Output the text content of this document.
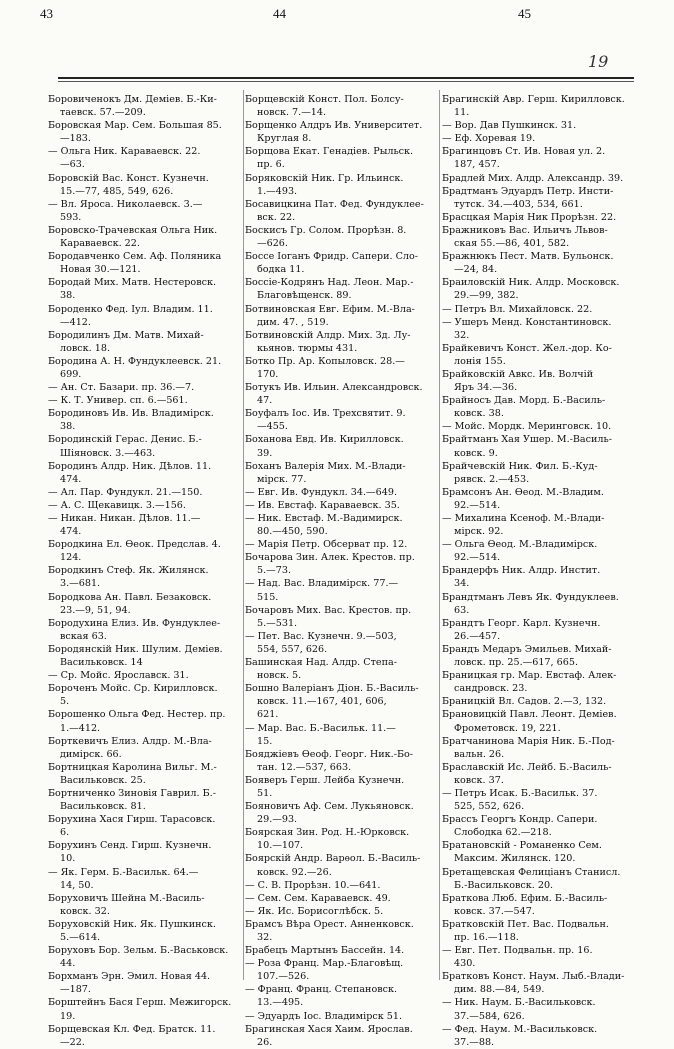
43	44	45
19
Боровиченокъ Дм. Деміев. Б.-Ки-
таевск. 57.—209.
Боровская Мар. Сем. Большая 85.
—183.
— Ольга Ник. Караваевск. 22.
—63.
Боровскій Вас. Конст. Кузнечн.
15.—77, 485, 549, 626.
— Вл. Яроса. Николаевск. 3.—
593.
Боровско-Трачевская Ольга Ник.
Караваевск. 22.
Бородавченко Сем. Аф. Поляника
Новая 30.—121.
Бородай Мих. Матв. Нестеровск.
38.
Бороденко Фед. Іул. Владим. 11.
—412.
Бородилинъ Дм. Матв. Михай-
ловск. 18.
Бородина А. Н. Фундуклеевск. 21.
699.
— Ан. Ст. Базари. пр. 36.—7.
— К. Т. Универ. сп. 6.—561.
Бородиновъ Ив. Ив. Владимірск.
38.
Бородинскій Герас. Денис. Б.-
Шіяновск. 3.—463.
Бородинъ Алдр. Ник. Дѣлов. 11.
474.
— Ал. Пар. Фундукл. 21.—150.
— А. С. Щекавицк. 3.—156.
— Никан. Никан. Дѣлов. 11.—
474.
Бородкина Ел. Ѳеок. Предслав. 4.
124.
Бородкинъ Стеф. Як. Жилянск.
3.—681.
Бородкова Ан. Павл. Безаковск.
23.—9, 51, 94.
Бородухина Елиз. Ив. Фундуклее-
вская 63.
Бородянскій Ник. Шулим. Деміев.
Васильковск. 14
— Ср. Мойс. Ярославск. 31.
Бороченъ Мойс. Ср. Кирилловск.
5.
Борошенко Ольга Фед. Нестер. пр.
1.—412.
Борткевичъ Елиз. Алдр. М.-Вла-
димірск. 66.
Бортницкая Каролина Вильг. М.-
Васильковск. 25.
Бортниченко Зиновія Гаврил. Б.-
Васильковск. 81.
Боруxина Хася Гирш. Тарасовск.
6.
Боруxинъ Сенд. Гирш. Кузнечн.
10.
— Як. Герм. Б.-Васильк. 64.—
14, 50.
Боруховичъ Шейна М.-Василь-
ковск. 32.
Боруховскій Ник. Як. Пушкинск.
5.—614.
Боруховъ Бор. Зельм. Б.-Васьковск.
44.
Борхманъ Эрн. Эмил. Новая 44.
—187.
Борштейнъ Бася Герш. Межигорск.
19.
Борщевская Кл. Фед. Братск. 11.
—22.
Борщевскій Конст. Пол. Болсу-
новск. 7.—14.
Борщенко Алдръ Ив. Университет.
Круглая 8.
Борщова Екат. Генадіев. Рыльск.
пр. 6.
Боряковскій Ник. Гр. Ильинск.
1.—493.
Босавицкина Пат. Фед. Фундуклее-
вск. 22.
Боскисъ Гр. Солом. Прорѣзн. 8.
—626.
Боссе Іоганъ Фридр. Сапери. Сло-
бодка 11.
Боссіе-Кодрянъ Над. Леон. Мар.-
Благовѣщенск. 89.
Ботвиновская Евг. Ефим. М.-Вла-
дим. 47. , 519.
Ботвиновскій Алдр. Мих. Зд. Лу-
кьянов. тюрмы 431.
Ботко Пр. Ар. Копыловск. 28.—
170.
Ботукъ Ив. Ильин. Александровск.
47.
Боуфалъ Іос. Ив. Трехсвятит. 9.
—455.
Боханова Евд. Ив. Кирилловск.
39.
Боханъ Валерія Мих. М.-Влади-
мірск. 77.
— Евг. Ив. Фундукл. 34.—649.
— Ив. Евстаф. Караваевск. 35.
— Ник. Евстаф. М.-Вадимирск.
80.—450, 590.
— Марія Петр. Обсерват пр. 12.
Бочарова Зин. Алек. Крестов. пр.
5.—73.
— Над. Вас. Владимірск. 77.—
515.
Бочаровъ Мих. Вас. Крестов. пр.
5.—531.
— Пет. Вас. Кузнечн. 9.—503,
554, 557, 626.
Башинская Над. Алдр. Степа-
новск. 5.
Бошно Валеріанъ Діон. Б.-Василь-
ковск. 11.—167, 401, 606,
621.
— Мар. Вас. Б.-Васильк. 11.—
15.
Бояджіевъ Ѳеоф. Георг. Ник.-Бо-
тан. 12.—537, 663.
Бояверъ Герш. Лейба Кузнечн.
51.
Бояновичъ Аф. Сем. Лукьяновск.
29.—93.
Боярская Зин. Род. Н.-Юрковск.
10.—107.
Боярскій Андр. Варѳол. Б.-Василь-
ковск. 92.—26.
— С. В. Прорѣзн. 10.—641.
— Сем. Сем. Караваевск. 49.
— Як. Ис. Борисоглѣбск. 5.
Брамсъ Вѣра Орест. Анненковск.
32.
Брабецъ Мартынъ Бассейн. 14.
— Роза Франц. Мар.-Благовѣщ.
107.—526.
— Франц. Франц. Степановск.
13.—495.
— Эдуардъ Іос. Владимірск 51.
Брагинская Хася Хаим. Ярослав.
26.
Брагинскій Авр. Герш. Кирилловск.
11.
— Вор. Дав Пушкинск. 31.
— Еф. Хоревая 19.
Брагинцовъ Ст. Ив. Новая ул. 2.
187, 457.
Брадлей Мих. Алдр. Александр. 39.
Брадтманъ Эдуардъ Петр. Инсти-
тутск. 34.—403, 534, 661.
Брасцкая Марія Ник Прорѣзн. 22.
Бражниковъ Вас. Ильичъ Львов-
ская 55.—86, 401, 582.
Бражнюкъ Пест. Матв. Бульонск.
—24, 84.
Браиловскій Ник. Алдр. Московск.
29.—99, 382.
— Петръ Вл. Михайловск. 22.
— Ушеръ Менд. Константиновск.
32.
Брайкевичъ Конст. Жел.-дор. Ко-
лонія 155.
Брайковскій Авкс. Ив. Волчій
Яръ 34.—36.
Брайносъ Дав. Морд. Б.-Василь-
ковск. 38.
— Мойс. Мордк. Меринговск. 10.
Брайтманъ Хая Ушер. М.-Василь-
ковск. 9.
Брайчевскій Ник. Фил. Б.-Куд-
рявск. 2.—453.
Брамсонъ Ан. Ѳеод. М.-Владим.
92.—514.
— Михалина Ксеноф. М.-Влади-
мірск. 92.
— Ольга Ѳеод. М.-Владимірск.
92.—514.
Брандерфъ Ник. Алдр. Инстит.
34.
Брандтманъ Левъ Як. Фундуклеев.
63.
Брандтъ Георг. Карл. Кузнечн.
26.—457.
Брандъ Медаръ Эмильев. Михай-
ловск. пр. 25.—617, 665.
Браницкая гр. Мар. Евстаф. Алек-
сандровск. 23.
Браницкій Вл. Садов. 2.—3, 132.
Брановицкій Павл. Леонт. Деміев.
Фрометовск. 19, 221.
Братчанинова Марія Ник. Б.-Под-
вальн. 26.
Браславскій Ис. Лейб. Б.-Василь-
ковск. 37.
— Петръ Исак. Б.-Васильк. 37.
525, 552, 626.
Брассъ Георгъ Кондр. Сапери.
Слободка 62.—218.
Братановскій - Романенко Сем.
Максим. Жилянск. 120.
Бретащевская Фелиціанъ Станисл.
Б.-Васильковск. 20.
Браткова Люб. Ефим. Б.-Василь-
ковск. 37.—547.
Братковскій Пет. Вас. Подвальн.
пр. 16.—118.
— Евг. Пет. Подвальн. пр. 16.
430.
Братковъ Конст. Наум. Лыб.-Влади-
дим. 88.—84, 549.
— Ник. Наум. Б.-Васильковск.
37.—584, 626.
— Фед. Наум. М.-Васильковск.
37.—88.
